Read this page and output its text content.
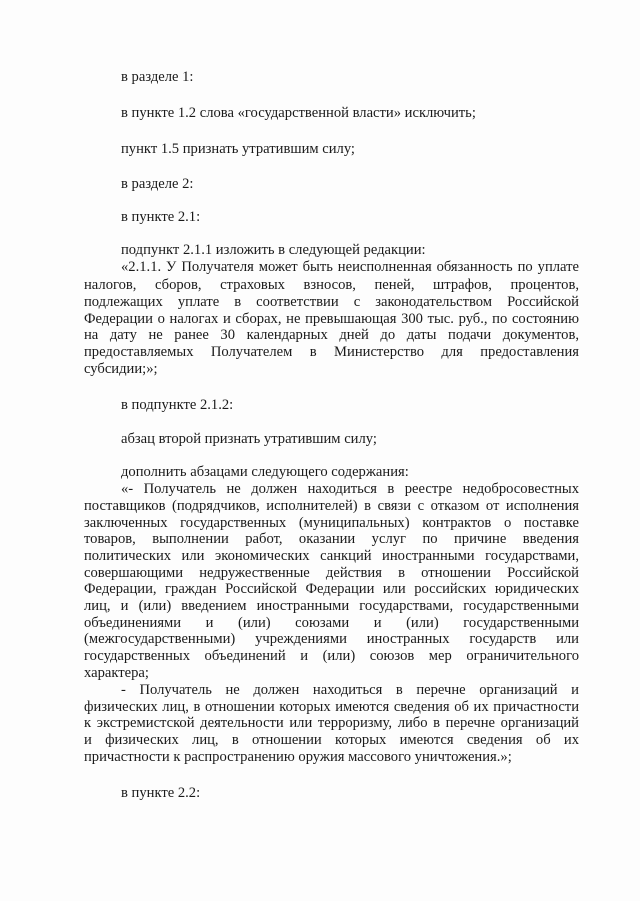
в разделе 1:

в пункте 1.2 слова «государственной власти» исключить;

пункт 1.5 признать утратившим силу;

в разделе 2:

в пункте 2.1:

подпункт 2.1.1 изложить в следующей редакции:

«2.1.1. У Получателя может быть неисполненная обязанность по уплате

налогов, сборов, страховых взносов, пеней, штрафов, процентов,

подлежащих уплате в соответствии с законодательством Российской

Федерации о налогах и сборах, не превышающая 300 тыс. руб., по состоянию

на дату не ранее 30 календарных дней до даты подачи документов,

предоставляемых Получателем в Министерство для предоставления

субсидии;»;

в подпункте 2.1.2:

абзац второй признать утратившим силу;

дополнить абзацами следующего содержания:

«- Получатель не должен находиться в реестре недобросовестных

поставщиков (подрядчиков, исполнителей) в связи с отказом от исполнения

заключенных государственных (муниципальных) контрактов о поставке

товаров, выполнении работ, оказании услуг по причине введения

политических или экономических санкций иностранными государствами,

совершающими недружественные действия в отношении Российской

Федерации, граждан Российской Федерации или российских юридических

лиц, и (или) введением иностранными государствами, государственными

объединениями и (или) союзами и (или) государственными

(межгосударственными) учреждениями иностранных государств или

государственных объединений и (или) союзов мер ограничительного

характера;

- Получатель не должен находиться в перечне организаций и

физических лиц, в отношении которых имеются сведения об их причастности

к экстремистской деятельности или терроризму, либо в перечне организаций

и физических лиц, в отношении которых имеются сведения об их

причастности к распространению оружия массового уничтожения.»;

в пункте 2.2:
